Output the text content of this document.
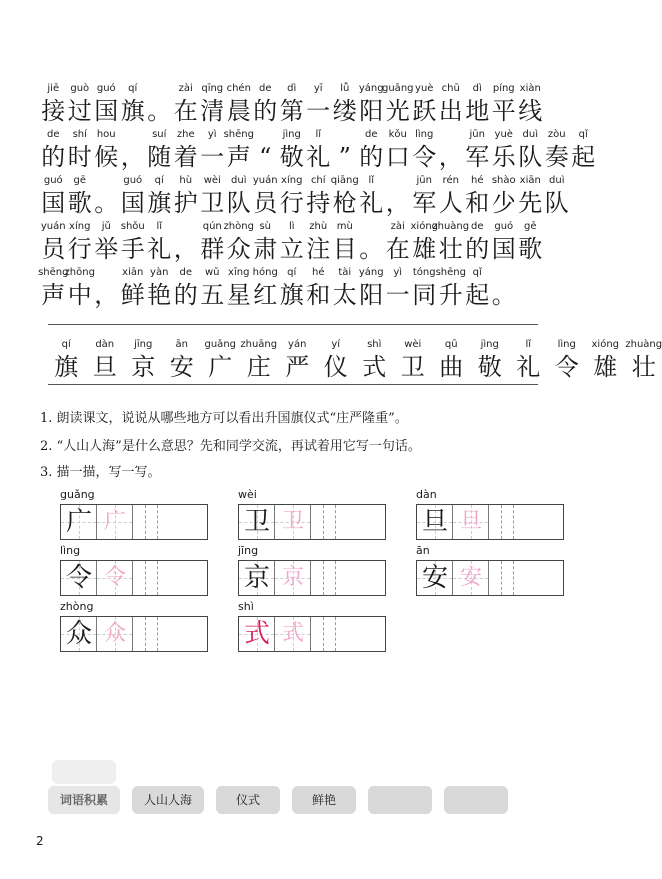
jiē
接
guò
过
guó
国
qí
旗 。
zài
在
qīng
清
chén
晨
de
的
dì
第
yī
一
lǚ
缕
yáng
阳
guāng
光
yuè
跃
chū
出
dì
地
píng
平
xiàn
线
de
的
shí
时
hou
候 ，
suí
随
zhe
着
yì
一
shēng
声 “
jìng
敬
lǐ
礼 ”
de
的
kǒu
口
lìng
令 ，
jūn
军
yuè
乐
duì
队
zòu
奏
qǐ
起
guó
国
gē
歌 。
guó
国
qí
旗
hù
护
wèi
卫
duì
队
yuán
员
xíng
行
chí
持
qiāng
枪
lǐ
礼 ，
jūn
军
rén
人
hé
和
shào
少
xiān
先
duì
队
yuán
员
xíng
行
jǔ
举
shǒu
手
lǐ
礼 ，
qún
群
zhòng
众
sù
肃
lì
立
zhù
注
mù
目 。
zài
在
xióng
雄
zhuàng
壮
de
的
guó
国
gē
歌
shēng
声
zhōng
中 ，
xiān
鲜
yàn
艳
de
的
wǔ
五
xīng
星
hóng
红
qí
旗
hé
和
tài
太
yáng
阳
yì
一
tóng
同
shēng
升
qǐ
起 。
qí
旗
dàn
旦
jīng
京
ān
安
guǎng
广
zhuāng
庄
yán
严
yí
仪
shì
式
wèi
卫
qū
曲
jìng
敬
lǐ
礼
lìng
令
xióng
雄
zhuàng
壮
1. 朗读课文，说说从哪些地方可以看出升国旗仪式“庄严隆重”。
2. “人山人海”是什么意思？先和同学交流，再试着用它写一句话。
3. 描一描，写一写。
guǎng
广 广
wèi
卫 卫
dàn
旦 旦
lìng
令 令
jīng
京 京
ān
安 安
zhòng
众 众
shì
式 式
词语积累	人山人海	仪式	鲜艳
2
